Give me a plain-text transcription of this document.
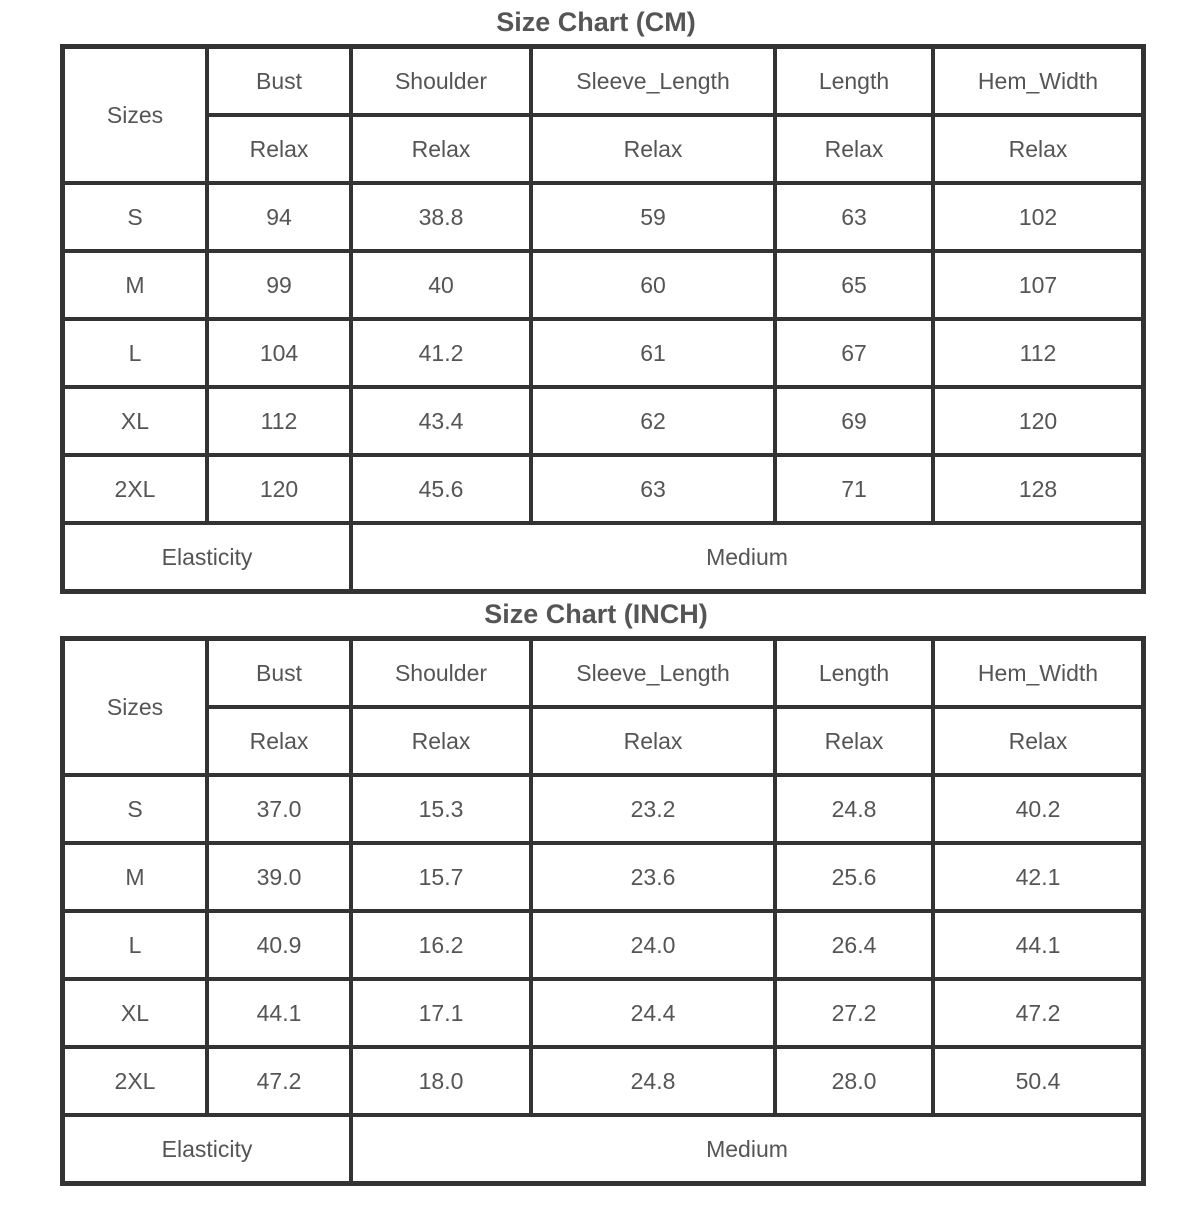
Size Chart (CM)
Sizes	Bust	Shoulder	Sleeve_Length	Length	Hem_Width
	Relax	Relax	Relax	Relax	Relax
S	94	38.8	59	63	102
M	99	40	60	65	107
L	104	41.2	61	67	112
XL	112	43.4	62	69	120
2XL	120	45.6	63	71	128
Elasticity		Medium			
Size Chart (INCH)
Sizes	Bust	Shoulder	Sleeve_Length	Length	Hem_Width
	Relax	Relax	Relax	Relax	Relax
S	37.0	15.3	23.2	24.8	40.2
M	39.0	15.7	23.6	25.6	42.1
L	40.9	16.2	24.0	26.4	44.1
XL	44.1	17.1	24.4	27.2	47.2
2XL	47.2	18.0	24.8	28.0	50.4
Elasticity		Medium			
